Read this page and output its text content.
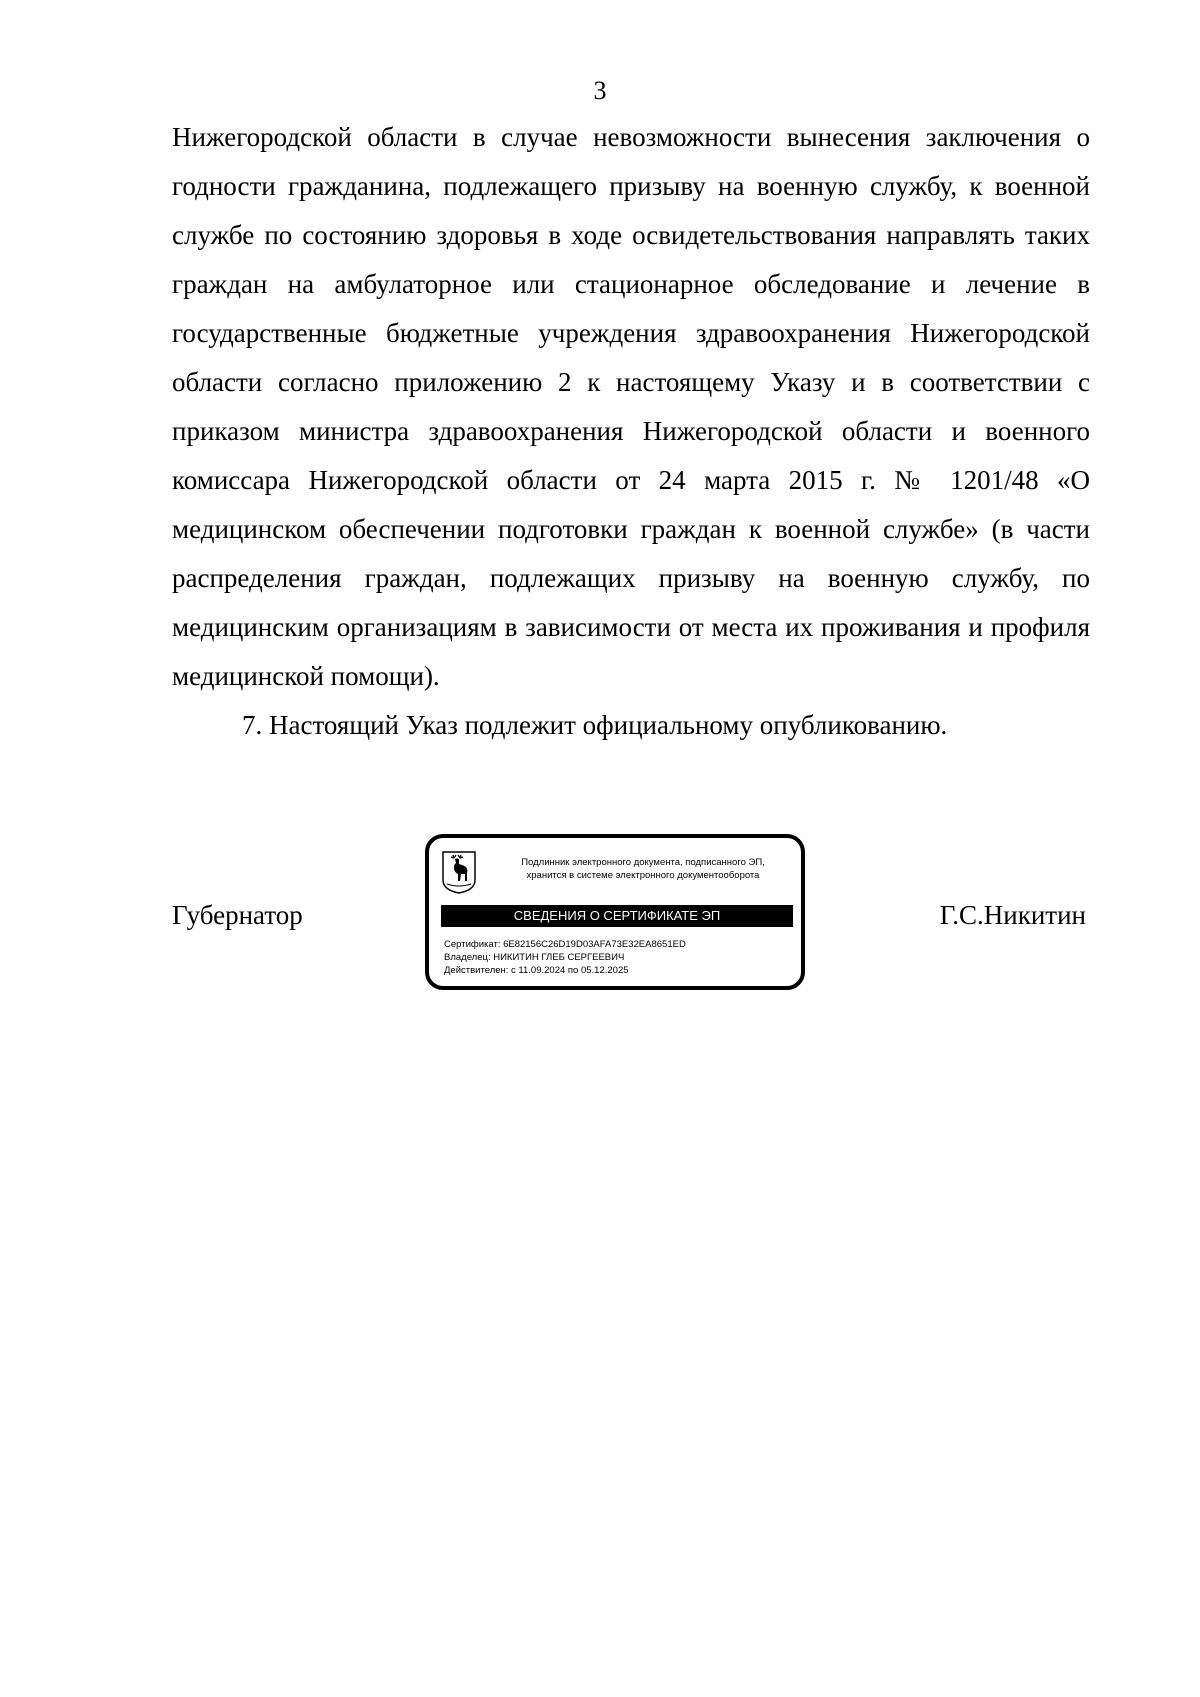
3

Нижегородской области в случае невозможности вынесения заключения о годности гражданина, подлежащего призыву на военную службу, к военной службе по состоянию здоровья в ходе освидетельствования направлять таких граждан на амбулаторное или стационарное обследование и лечение в государственные бюджетные учреждения здравоохранения Нижегородской области согласно приложению 2 к настоящему Указу и в соответствии с приказом министра здравоохранения Нижегородской области и военного комиссара Нижегородской области от 24 марта 2015 г. № 1201/48 «О медицинском обеспечении подготовки граждан к военной службе» (в части распределения граждан, подлежащих призыву на военную службу, по медицинским организациям в зависимости от места их проживания и профиля медицинской помощи).

7. Настоящий Указ подлежит официальному опубликованию.

Губернатор
Подлинник электронного документа, подписанного ЭП,
хранится в системе электронного документооборота
СВЕДЕНИЯ О СЕРТИФИКАТЕ ЭП
Сертификат: 6E82156C26D19D03AFA73E32EA8651ED
Владелец: НИКИТИН ГЛЕБ СЕРГЕЕВИЧ
Действителен: с 11.09.2024 по 05.12.2025
Г.С.Никитин
